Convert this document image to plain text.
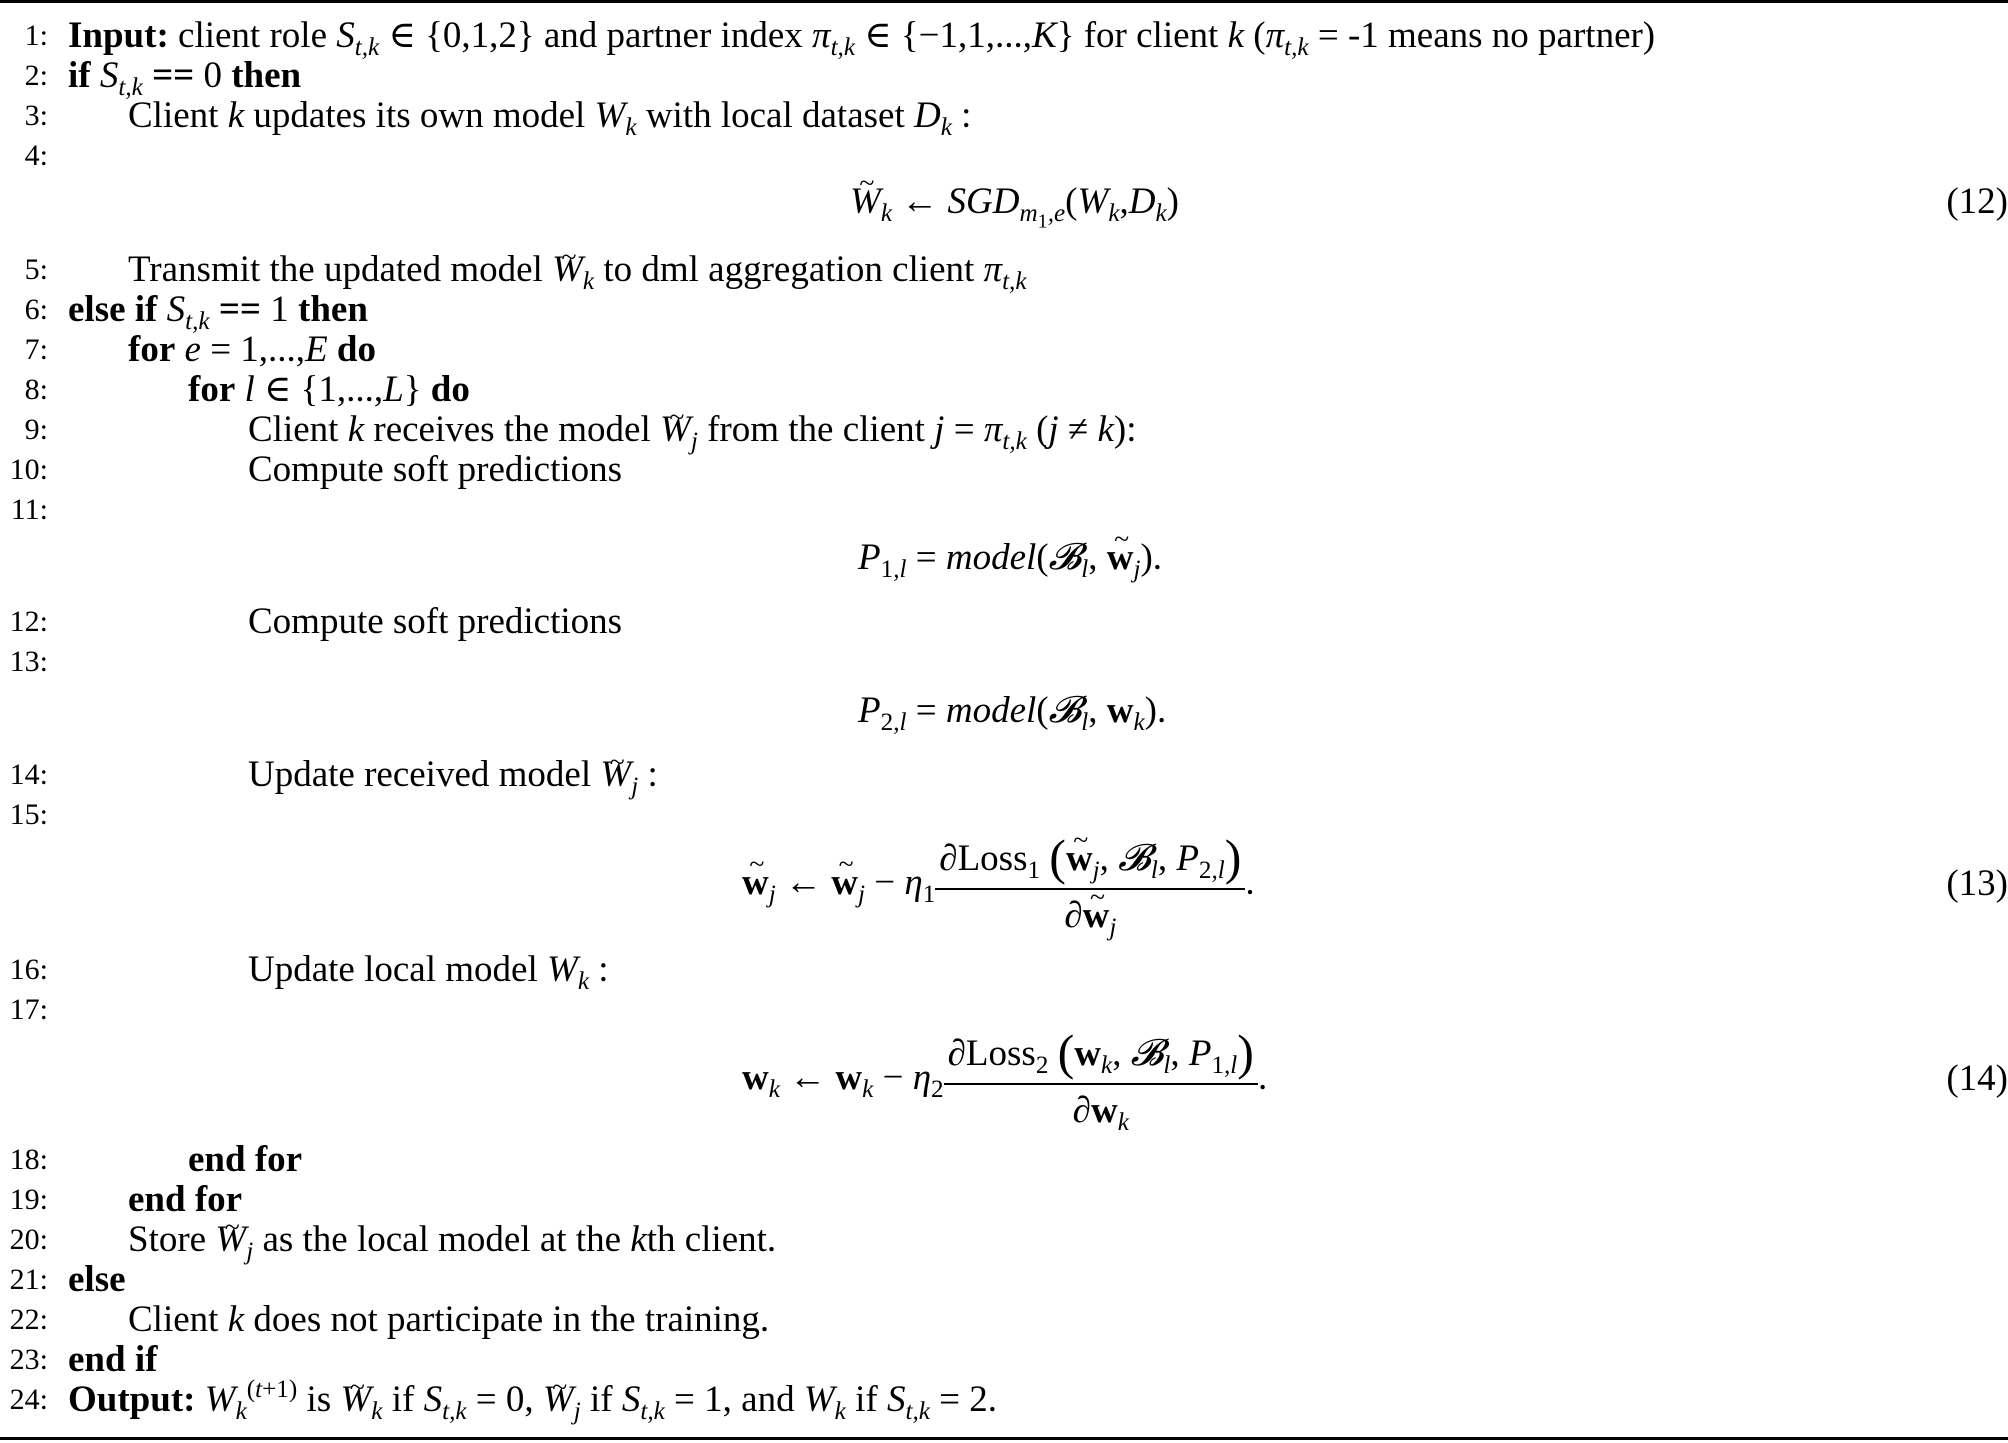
1: Input: client role $S_{t,k}$ ∈ {0,1,2} and partner index $\pi_{t,k}$ ∈ {−1,1,...,K} for client k ($\pi_{t,k} = -1$ means no partner)
2: if $S_{t,k} == 0$ then
3: Client k updates its own model $W_k$ with local dataset $D_k$ :
4:
~ $W_k$ ← $SGD_{m_1,e}(W_k,D_k)$	(12)
5: Transmit the updated model ~ $W_k$ to dml aggregation client $\pi_{t,k}$
6: else if $S_{t,k} == 1$ then
7: for e = 1,...,E do
8:	for l ∈ {1,...,L} do
9:	Client k receives the model ~ $W_j$ from the client $j = \pi_{t,k}$ (j ≠ k):
10:	Compute soft predictions
11:
$P_{1,l}$ = model(𝓑$_l$, ~ $w_j$).
12:	Compute soft predictions
13:
$P_{2,l}$ = model(𝓑$_l$, $w_k$).
14:	Update received model ~ $W_j$ :
15:
~ $w_j$ ← ~ $w_j - \eta_1 \frac{\partial Loss_1 (\sim w_j, 𝓑_l, P_{2,l})}{\partial\sim w_j}$ .	(13)
16:	Update local model $W_k$ :
17:
$w_k$ ← $w_k - \eta_2 \frac{\partial Loss_2 (w_k, 𝓑_l, P_{1,l})}{\partial w_k}$ .	(14)
18:	end for
19: end for
20: Store ~ $W_j$ as the local model at the kth client.
21: else
22: Client k does not participate in the training.
23: end if
24: Output: $W_k^{(t+1)}$ is ~ $W_k$ if $S_{t,k} = 0$, ~ $W_j$ if $S_{t,k} = 1$, and $W_k$ if $S_{t,k} = 2$.
